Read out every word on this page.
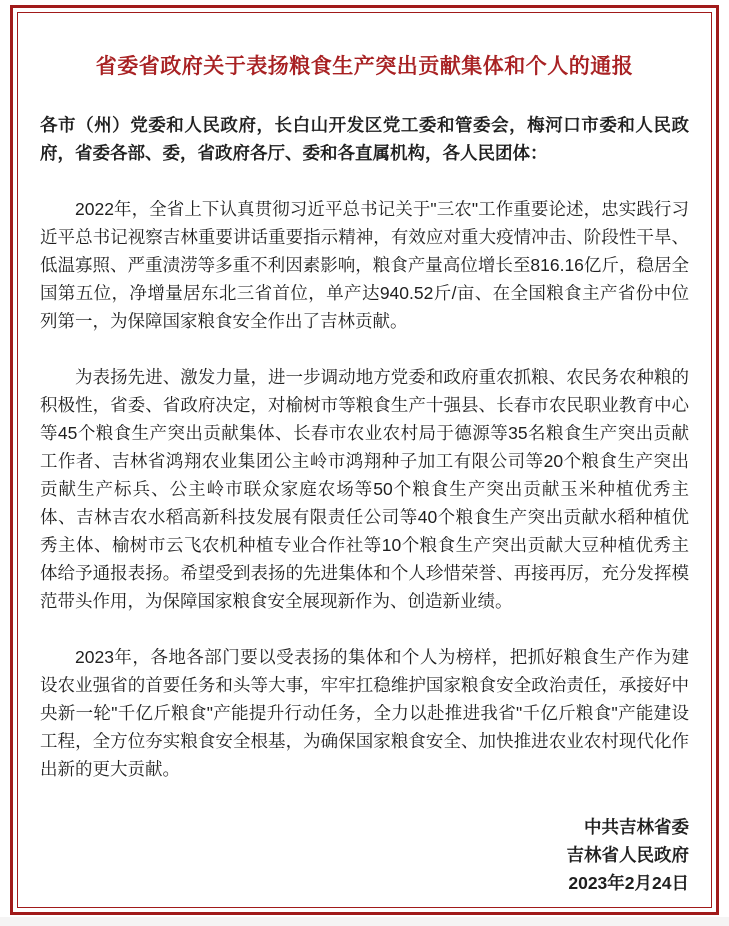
省委省政府关于表扬粮食生产突出贡献集体和个人的通报

各市（州）党委和人民政府，长白山开发区党工委和管委会，梅河口市委和人民政府，省委各部、委，省政府各厅、委和各直属机构，各人民团体：

2022年，全省上下认真贯彻习近平总书记关于"三农"工作重要论述，忠实践行习近平总书记视察吉林重要讲话重要指示精神，有效应对重大疫情冲击、阶段性干旱、低温寡照、严重渍涝等多重不利因素影响，粮食产量高位增长至816.16亿斤，稳居全国第五位，净增量居东北三省首位，单产达940.52斤/亩、在全国粮食主产省份中位列第一，为保障国家粮食安全作出了吉林贡献。

为表扬先进、激发力量，进一步调动地方党委和政府重农抓粮、农民务农种粮的积极性，省委、省政府决定，对榆树市等粮食生产十强县、长春市农民职业教育中心等45个粮食生产突出贡献集体、长春市农业农村局于德源等35名粮食生产突出贡献工作者、吉林省鸿翔农业集团公主岭市鸿翔种子加工有限公司等20个粮食生产突出贡献生产标兵、公主岭市联众家庭农场等50个粮食生产突出贡献玉米种植优秀主体、吉林吉农水稻高新科技发展有限责任公司等40个粮食生产突出贡献水稻种植优秀主体、榆树市云飞农机种植专业合作社等10个粮食生产突出贡献大豆种植优秀主体给予通报表扬。希望受到表扬的先进集体和个人珍惜荣誉、再接再厉，充分发挥模范带头作用，为保障国家粮食安全展现新作为、创造新业绩。

2023年，各地各部门要以受表扬的集体和个人为榜样，把抓好粮食生产作为建设农业强省的首要任务和头等大事，牢牢扛稳维护国家粮食安全政治责任，承接好中央新一轮"千亿斤粮食"产能提升行动任务，全力以赴推进我省"千亿斤粮食"产能建设工程，全方位夯实粮食安全根基，为确保国家粮食安全、加快推进农业农村现代化作出新的更大贡献。

中共吉林省委
吉林省人民政府
2023年2月24日
